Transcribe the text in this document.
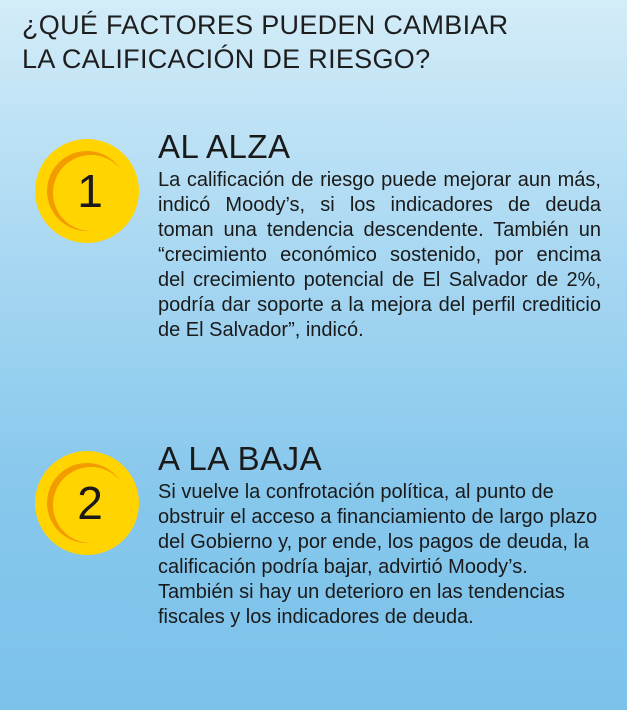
¿QUÉ FACTORES PUEDEN CAMBIAR
LA CALIFICACIÓN DE RIESGO?
1
AL ALZA
La calificación de riesgo puede mejorar aun más, indicó Moody’s, si los indicadores de deuda toman una tendencia descendente. También un “crecimiento económico sostenido, por encima del crecimiento potencial de El Salvador de 2%, podría dar soporte a la mejora del perfil crediticio de El Salvador”, indicó.
2
A LA BAJA
Si vuelve la confrotación política, al punto de obstruir el acceso a financiamiento de largo plazo del Gobierno y, por ende, los pagos de deuda, la calificación podría bajar, advirtió Moody’s. También si hay un deterioro en las tendencias fiscales y los indicadores de deuda.
